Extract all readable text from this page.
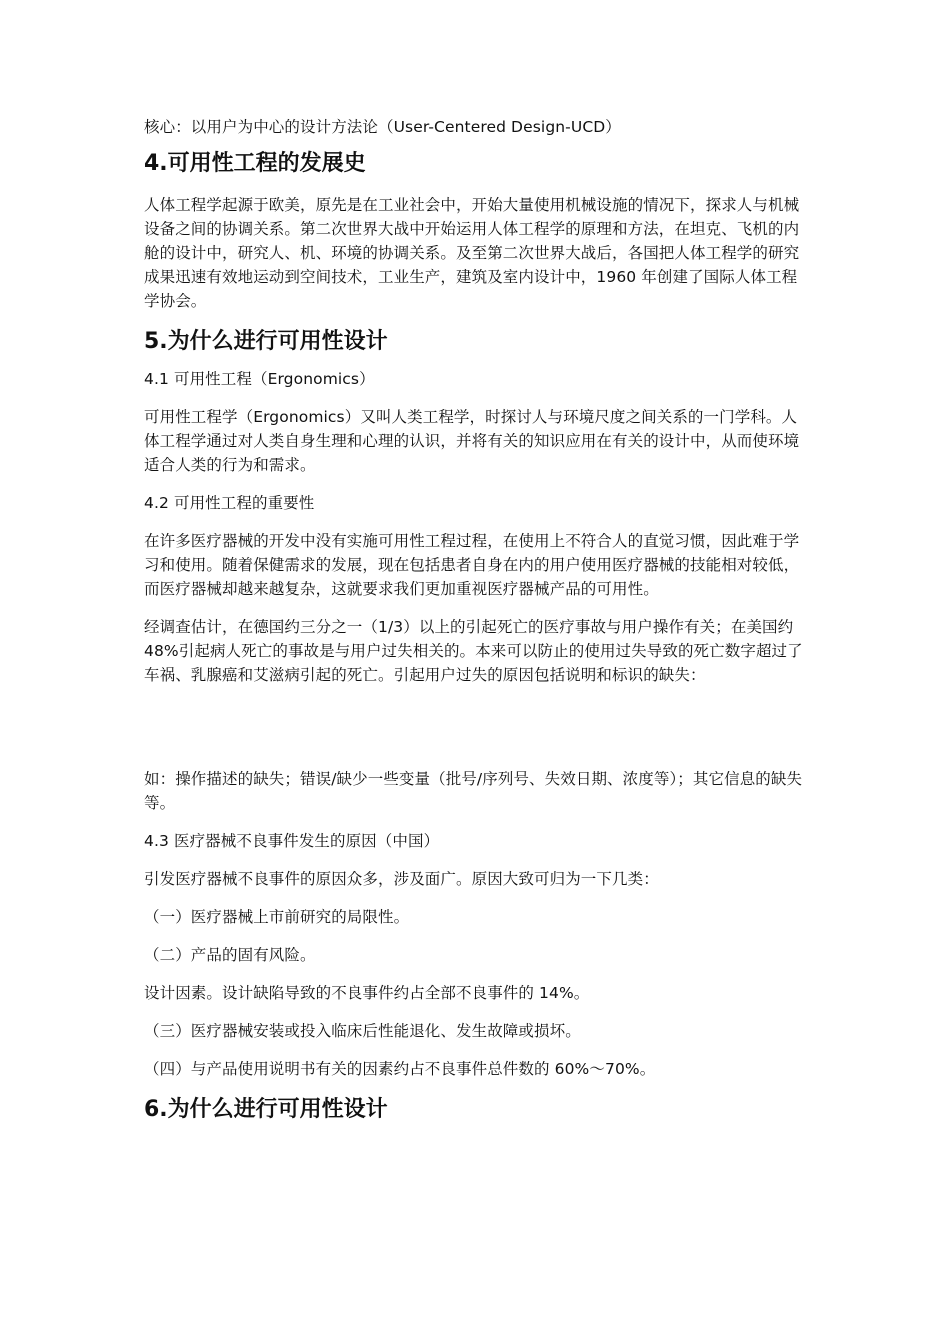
核心：以用户为中心的设计方法论（User-Centered Design-UCD）

4.可用性工程的发展史

人体工程学起源于欧美，原先是在工业社会中，开始大量使用机械设施的情况下，探求人与机械设备之间的协调关系。第二次世界大战中开始运用人体工程学的原理和方法，在坦克、飞机的内舱的设计中，研究人、机、环境的协调关系。及至第二次世界大战后，各国把人体工程学的研究成果迅速有效地运动到空间技术，工业生产，建筑及室内设计中，1960 年创建了国际人体工程学协会。

5.为什么进行可用性设计

4.1 可用性工程（Ergonomics）

可用性工程学（Ergonomics）又叫人类工程学，时探讨人与环境尺度之间关系的一门学科。人体工程学通过对人类自身生理和心理的认识，并将有关的知识应用在有关的设计中，从而使环境适合人类的行为和需求。

4.2 可用性工程的重要性

在许多医疗器械的开发中没有实施可用性工程过程，在使用上不符合人的直觉习惯，因此难于学习和使用。随着保健需求的发展，现在包括患者自身在内的用户使用医疗器械的技能相对较低，而医疗器械却越来越复杂，这就要求我们更加重视医疗器械产品的可用性。

经调查估计，在德国约三分之一（1/3）以上的引起死亡的医疗事故与用户操作有关；在美国约 48%引起病人死亡的事故是与用户过失相关的。本来可以防止的使用过失导致的死亡数字超过了车祸、乳腺癌和艾滋病引起的死亡。引起用户过失的原因包括说明和标识的缺失：

如：操作描述的缺失；错误/缺少一些变量（批号/序列号、失效日期、浓度等）；其它信息的缺失等。

4.3 医疗器械不良事件发生的原因（中国）

引发医疗器械不良事件的原因众多，涉及面广。原因大致可归为一下几类：

（一）医疗器械上市前研究的局限性。

（二）产品的固有风险。

设计因素。设计缺陷导致的不良事件约占全部不良事件的 14%。

（三）医疗器械安装或投入临床后性能退化、发生故障或损坏。

（四）与产品使用说明书有关的因素约占不良事件总件数的 60%～70%。

6.为什么进行可用性设计
